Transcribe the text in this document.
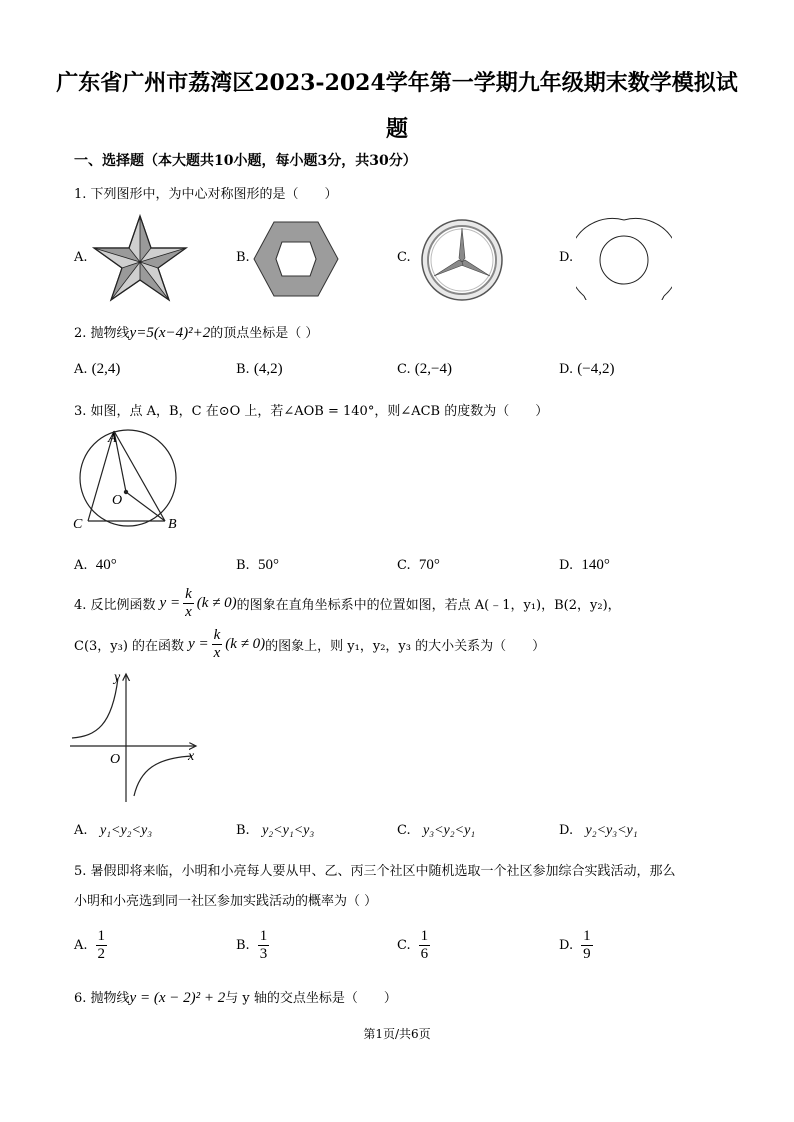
广东省广州市荔湾区2023-2024学年第一学期九年级期末数学模拟试
题
一、选择题（本大题共10小题，每小题3分，共30分）
1. 下列图形中，为中心对称图形的是（　　）
A.	B.	C.	D.
2. 抛物线y=5(x−4)²+2的顶点坐标是（ ）
A. (2,4)	B. (4,2)	C. (2,−4)	D. (−4,2)
3. 如图，点 A，B，C 在⊙O 上，若∠AOB = 140°，则∠ACB 的度数为（　　）
A
O
C	B
A. 40°	B. 50°	C. 70°	D. 140°
4. 反比例函数 $y = \frac{k}{x} (k \ne 0)$ 的图象在直角坐标系中的位置如图，若点 A(﹣1，y₁)，B(2，y₂)，
C(3，y₃) 的在函数 $y = \frac{k}{x} (k \ne 0)$ 的图象上，则 y₁，y₂，y₃ 的大小关系为（　　）
y
x
O
A. y₁<y₂<y₃	B. y₂<y₁<y₃	C. y₃<y₂<y₁	D. y₂<y₃<y₁
5. 暑假即将来临，小明和小亮每人要从甲、乙、丙三个社区中随机选取一个社区参加综合实践活动，那么
小明和小亮选到同一社区参加实践活动的概率为（ ）
A. $\frac{1}{2}$	B. $\frac{1}{3}$	C. $\frac{1}{6}$	D. $\frac{1}{9}$
6. 抛物线y = (x − 2)² + 2与 y 轴的交点坐标是（　　）
第1页/共6页
